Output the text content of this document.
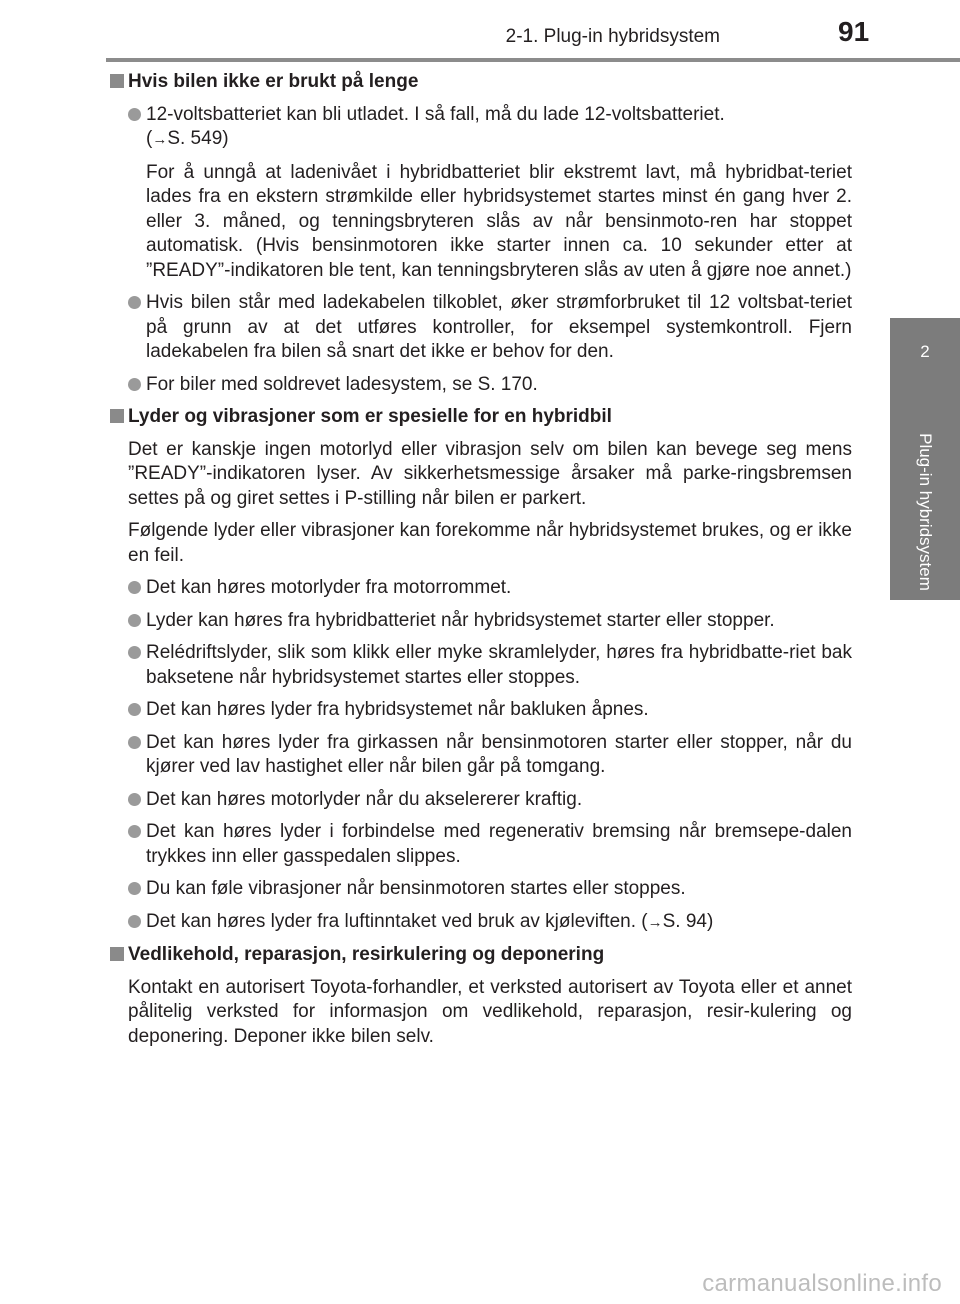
2-1. Plug-in hybridsystem	91
2
Plug-in hybridsystem
Hvis bilen ikke er brukt på lenge

12-voltsbatteriet kan bli utladet. I så fall, må du lade 12-voltsbatteriet.
(→S. 549)

For å unngå at ladenivået i hybridbatteriet blir ekstremt lavt, må hybridbat-teriet lades fra en ekstern strømkilde eller hybridsystemet startes minst én gang hver 2. eller 3. måned, og tenningsbryteren slås av når bensinmoto-ren har stoppet automatisk. (Hvis bensinmotoren ikke starter innen ca. 10 sekunder etter at ”READY”-indikatoren ble tent, kan tenningsbryteren slås av uten å gjøre noe annet.)

Hvis bilen står med ladekabelen tilkoblet, øker strømforbruket til 12 voltsbat-teriet på grunn av at det utføres kontroller, for eksempel systemkontroll. Fjern ladekabelen fra bilen så snart det ikke er behov for den.

For biler med soldrevet ladesystem, se S. 170.

Lyder og vibrasjoner som er spesielle for en hybridbil

Det er kanskje ingen motorlyd eller vibrasjon selv om bilen kan bevege seg mens ”READY”-indikatoren lyser. Av sikkerhetsmessige årsaker må parke-ringsbremsen settes på og giret settes i P-stilling når bilen er parkert.

Følgende lyder eller vibrasjoner kan forekomme når hybridsystemet brukes, og er ikke en feil.

Det kan høres motorlyder fra motorrommet.

Lyder kan høres fra hybridbatteriet når hybridsystemet starter eller stopper.

Relédriftslyder, slik som klikk eller myke skramlelyder, høres fra hybridbatte-riet bak baksetene når hybridsystemet startes eller stoppes.

Det kan høres lyder fra hybridsystemet når bakluken åpnes.

Det kan høres lyder fra girkassen når bensinmotoren starter eller stopper, når du kjører ved lav hastighet eller når bilen går på tomgang.

Det kan høres motorlyder når du akselererer kraftig.

Det kan høres lyder i forbindelse med regenerativ bremsing når bremsepe-dalen trykkes inn eller gasspedalen slippes.

Du kan føle vibrasjoner når bensinmotoren startes eller stoppes.

Det kan høres lyder fra luftinntaket ved bruk av kjøleviften. (→S. 94)

Vedlikehold, reparasjon, resirkulering og deponering

Kontakt en autorisert Toyota-forhandler, et verksted autorisert av Toyota eller et annet pålitelig verksted for informasjon om vedlikehold, reparasjon, resir-kulering og deponering. Deponer ikke bilen selv.

carmanualsonline.info
